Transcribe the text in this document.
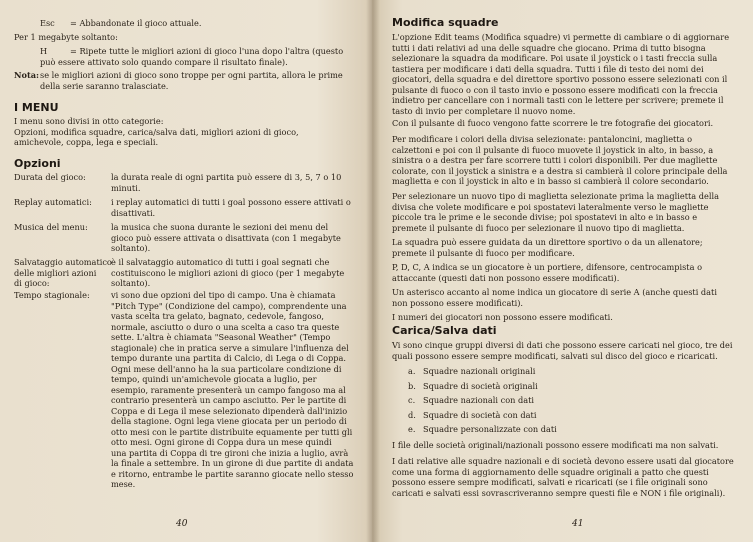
Esc = Abbandonate il gioco attuale.
Per 1 megabyte soltanto:
H	= Ripete tutte le migliori azioni di gioco l'una dopo l'altra (questo
può essere attivato solo quando compare il risultato finale).
Nota: se le migliori azioni di gioco sono troppe per ogni partita, allora le prime
della serie saranno tralasciate.
I MENU
I menu sono divisi in otto categorie:
Opzioni, modifica squadre, carica/salva dati, migliori azioni di gioco,
amichevole, coppa, lega e speciali.
Opzioni
Durata del gioco:	la durata reale di ogni partita può essere di 3, 5, 7 o 10
minuti.
Replay automatici: i replay automatici di tutti i goal possono essere attivati o
disattivati.
Musica del menu:	la musica che suona durante le sezioni dei menu del
gioco può essere attivata o disattivata (con 1 megabyte
soltanto).
Salvataggio automatico
delle migliori azioni
di gioco:
è il salvataggio automatico di tutti i goal segnati che
costituiscono le migliori azioni di gioco (per 1 megabyte
soltanto).
Tempo stagionale:	vi sono due opzioni del tipo di campo. Una è chiamata
"Pitch Type" (Condizione del campo), comprendente una
vasta scelta tra gelato, bagnato, cedevole, fangoso,
normale, asciutto o duro o una scelta a caso tra queste
sette. L'altra è chiamata "Seasonal Weather" (Tempo
stagionale) che in pratica serve a simulare l'influenza del
tempo durante una partita di Calcio, di Lega o di Coppa.
Ogni mese dell'anno ha la sua particolare condizione di
tempo, quindi un'amichevole giocata a luglio, per
esempio, raramente presenterà un campo fangoso ma al
contrario presenterà un campo asciutto. Per le partite di
Coppa e di Lega il mese selezionato dipenderà dall'inizio
della stagione. Ogni lega viene giocata per un periodo di
otto mesi con le partite distribuite equamente per tutti gli
otto mesi. Ogni girone di Coppa dura un mese quindi
una partita di Coppa di tre gironi che inizia a luglio, avrà
la finale a settembre. In un girone di due partite di andata
e ritorno, entrambe le partite saranno giocate nello stesso
mese.
40
Modifica squadre
L'opzione Edit teams (Modifica squadre) vi permette di cambiare o di aggiornare
tutti i dati relativi ad una delle squadre che giocano. Prima di tutto bisogna
selezionare la squadra da modificare. Poi usate il joystick o i tasti freccia sulla
tastiera per modificare i dati della squadra. Tutti i file di testo dei nomi dei
giocatori, della squadra e del direttore sportivo possono essere selezionati con il
pulsante di fuoco o con il tasto invio e possono essere modificati con la freccia
indietro per cancellare con i normali tasti con le lettere per scrivere; premete il
tasto di invio per completare il nuovo nome.
Con il pulsante di fuoco vengono fatte scorrere le tre fotografie dei giocatori.
Per modificare i colori della divisa selezionate: pantaloncini, maglietta o
calzettoni e poi con il pulsante di fuoco muovete il joystick in alto, in basso, a
sinistra o a destra per fare scorrere tutti i colori disponibili. Per due magliette
colorate, con il joystick a sinistra e a destra si cambierà il colore principale della
maglietta e con il joystick in alto e in basso si cambierà il colore secondario.
Per selezionare un nuovo tipo di maglietta selezionate prima la maglietta della
divisa che volete modificare e poi spostatevi lateralmente verso le magliette
piccole tra le prime e le seconde divise; poi spostatevi in alto e in basso e
premete il pulsante di fuoco per selezionare il nuovo tipo di maglietta.
La squadra può essere guidata da un direttore sportivo o da un allenatore;
premete il pulsante di fuoco per modificare.
P, D, C, A indica se un giocatore è un portiere, difensore, centrocampista o
attaccante (questi dati non possono essere modificati).
Un asterisco accanto al nome indica un giocatore di serie A (anche questi dati
non possono essere modificati).
I numeri dei giocatori non possono essere modificati.
Carica/Salva dati
Vi sono cinque gruppi diversi di dati che possono essere caricati nel gioco, tre dei
quali possono essere sempre modificati, salvati sul disco del gioco e ricaricati.
a. Squadre nazionali originali
b. Squadre di società originali
c. Squadre nazionali con dati
d. Squadre di società con dati
e. Squadre personalizzate con dati
I file delle società originali/nazionali possono essere modificati ma non salvati.
I dati relative alle squadre nazionali e di società devono essere usati dal giocatore
come una forma di aggiornamento delle squadre originali a patto che questi
possono essere sempre modificati, salvati e ricaricati (se i file originali sono
caricati e salvati essi sovrascriveranno sempre questi file e NON i file originali).
41
